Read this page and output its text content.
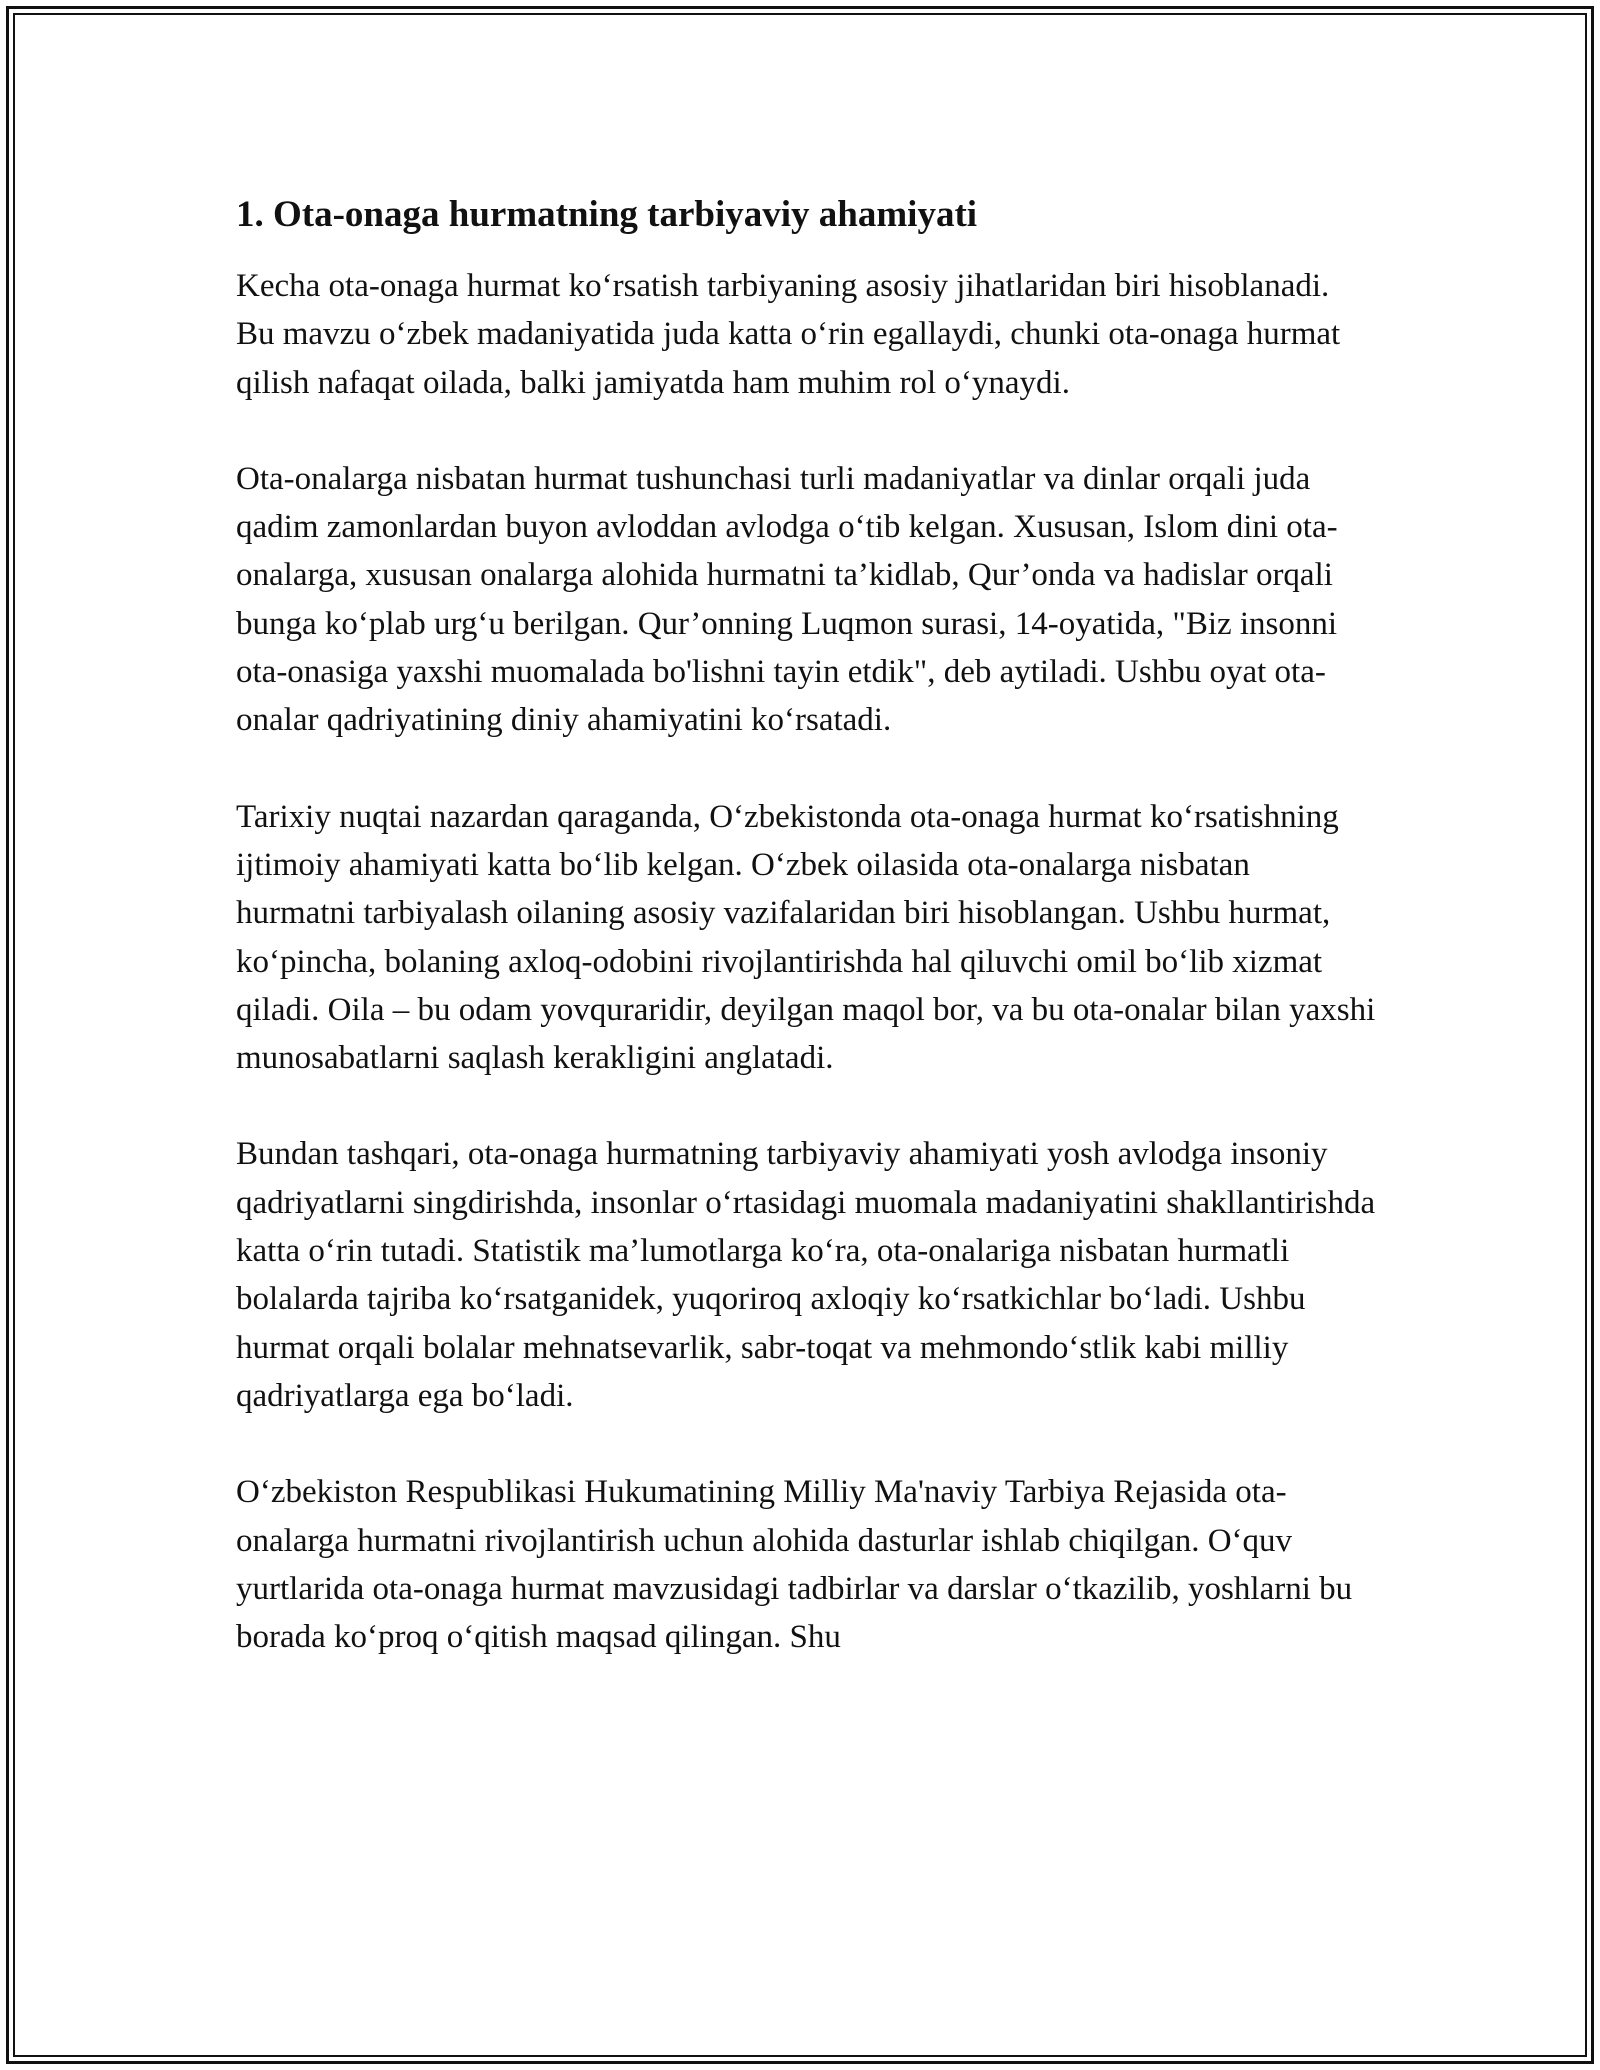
1. Ota-onaga hurmatning tarbiyaviy ahamiyati

Kecha ota-onaga hurmat koʻrsatish tarbiyaning asosiy jihatlaridan biri hisoblanadi. Bu mavzu oʻzbek madaniyatida juda katta oʻrin egallaydi, chunki ota-onaga hurmat qilish nafaqat oilada, balki jamiyatda ham muhim rol oʻynaydi.

Ota-onalarga nisbatan hurmat tushunchasi turli madaniyatlar va dinlar orqali juda qadim zamonlardan buyon avloddan avlodga oʻtib kelgan. Xususan, Islom dini ota-onalarga, xususan onalarga alohida hurmatni ta’kidlab, Qur’onda va hadislar orqali bunga koʻplab urgʻu berilgan. Qur’onning Luqmon surasi, 14-oyatida, "Biz insonni ota-onasiga yaxshi muomalada bo'lishni tayin etdik", deb aytiladi. Ushbu oyat ota-onalar qadriyatining diniy ahamiyatini koʻrsatadi.

Tarixiy nuqtai nazardan qaraganda, Oʻzbekistonda ota-onaga hurmat koʻrsatishning ijtimoiy ahamiyati katta boʻlib kelgan. Oʻzbek oilasida ota-onalarga nisbatan hurmatni tarbiyalash oilaning asosiy vazifalaridan biri hisoblangan. Ushbu hurmat, koʻpincha, bolaning axloq-odobini rivojlantirishda hal qiluvchi omil boʻlib xizmat qiladi. Oila – bu odam yovqurаridir, deyilgan maqol bor, va bu ota-onalar bilan yaxshi munosabatlarni saqlash kerakligini anglatadi.

Bundan tashqari, ota-onaga hurmatning tarbiyaviy ahamiyati yosh avlodga insoniy qadriyatlarni singdirishda, insonlar oʻrtasidagi muomala madaniyatini shakllantirishda katta oʻrin tutadi. Statistik ma’lumotlarga koʻra, ota-onalariga nisbatan hurmatli bolalarda tajriba koʻrsatganidek, yuqoriroq axloqiy koʻrsatkichlar boʻladi. Ushbu hurmat orqali bolalar mehnatsevarlik, sabr-toqat va mehmondoʻstlik kabi milliy qadriyatlarga ega boʻladi.

Oʻzbekiston Respublikasi Hukumatining Milliy Ma'naviy Tarbiya Rejasida ota-onalarga hurmatni rivojlantirish uchun alohida dasturlar ishlab chiqilgan. Oʻquv yurtlarida ota-onaga hurmat mavzusidagi tadbirlar va darslar oʻtkazilib, yoshlarni bu borada koʻproq oʻqitish maqsad qilingan. Shu
